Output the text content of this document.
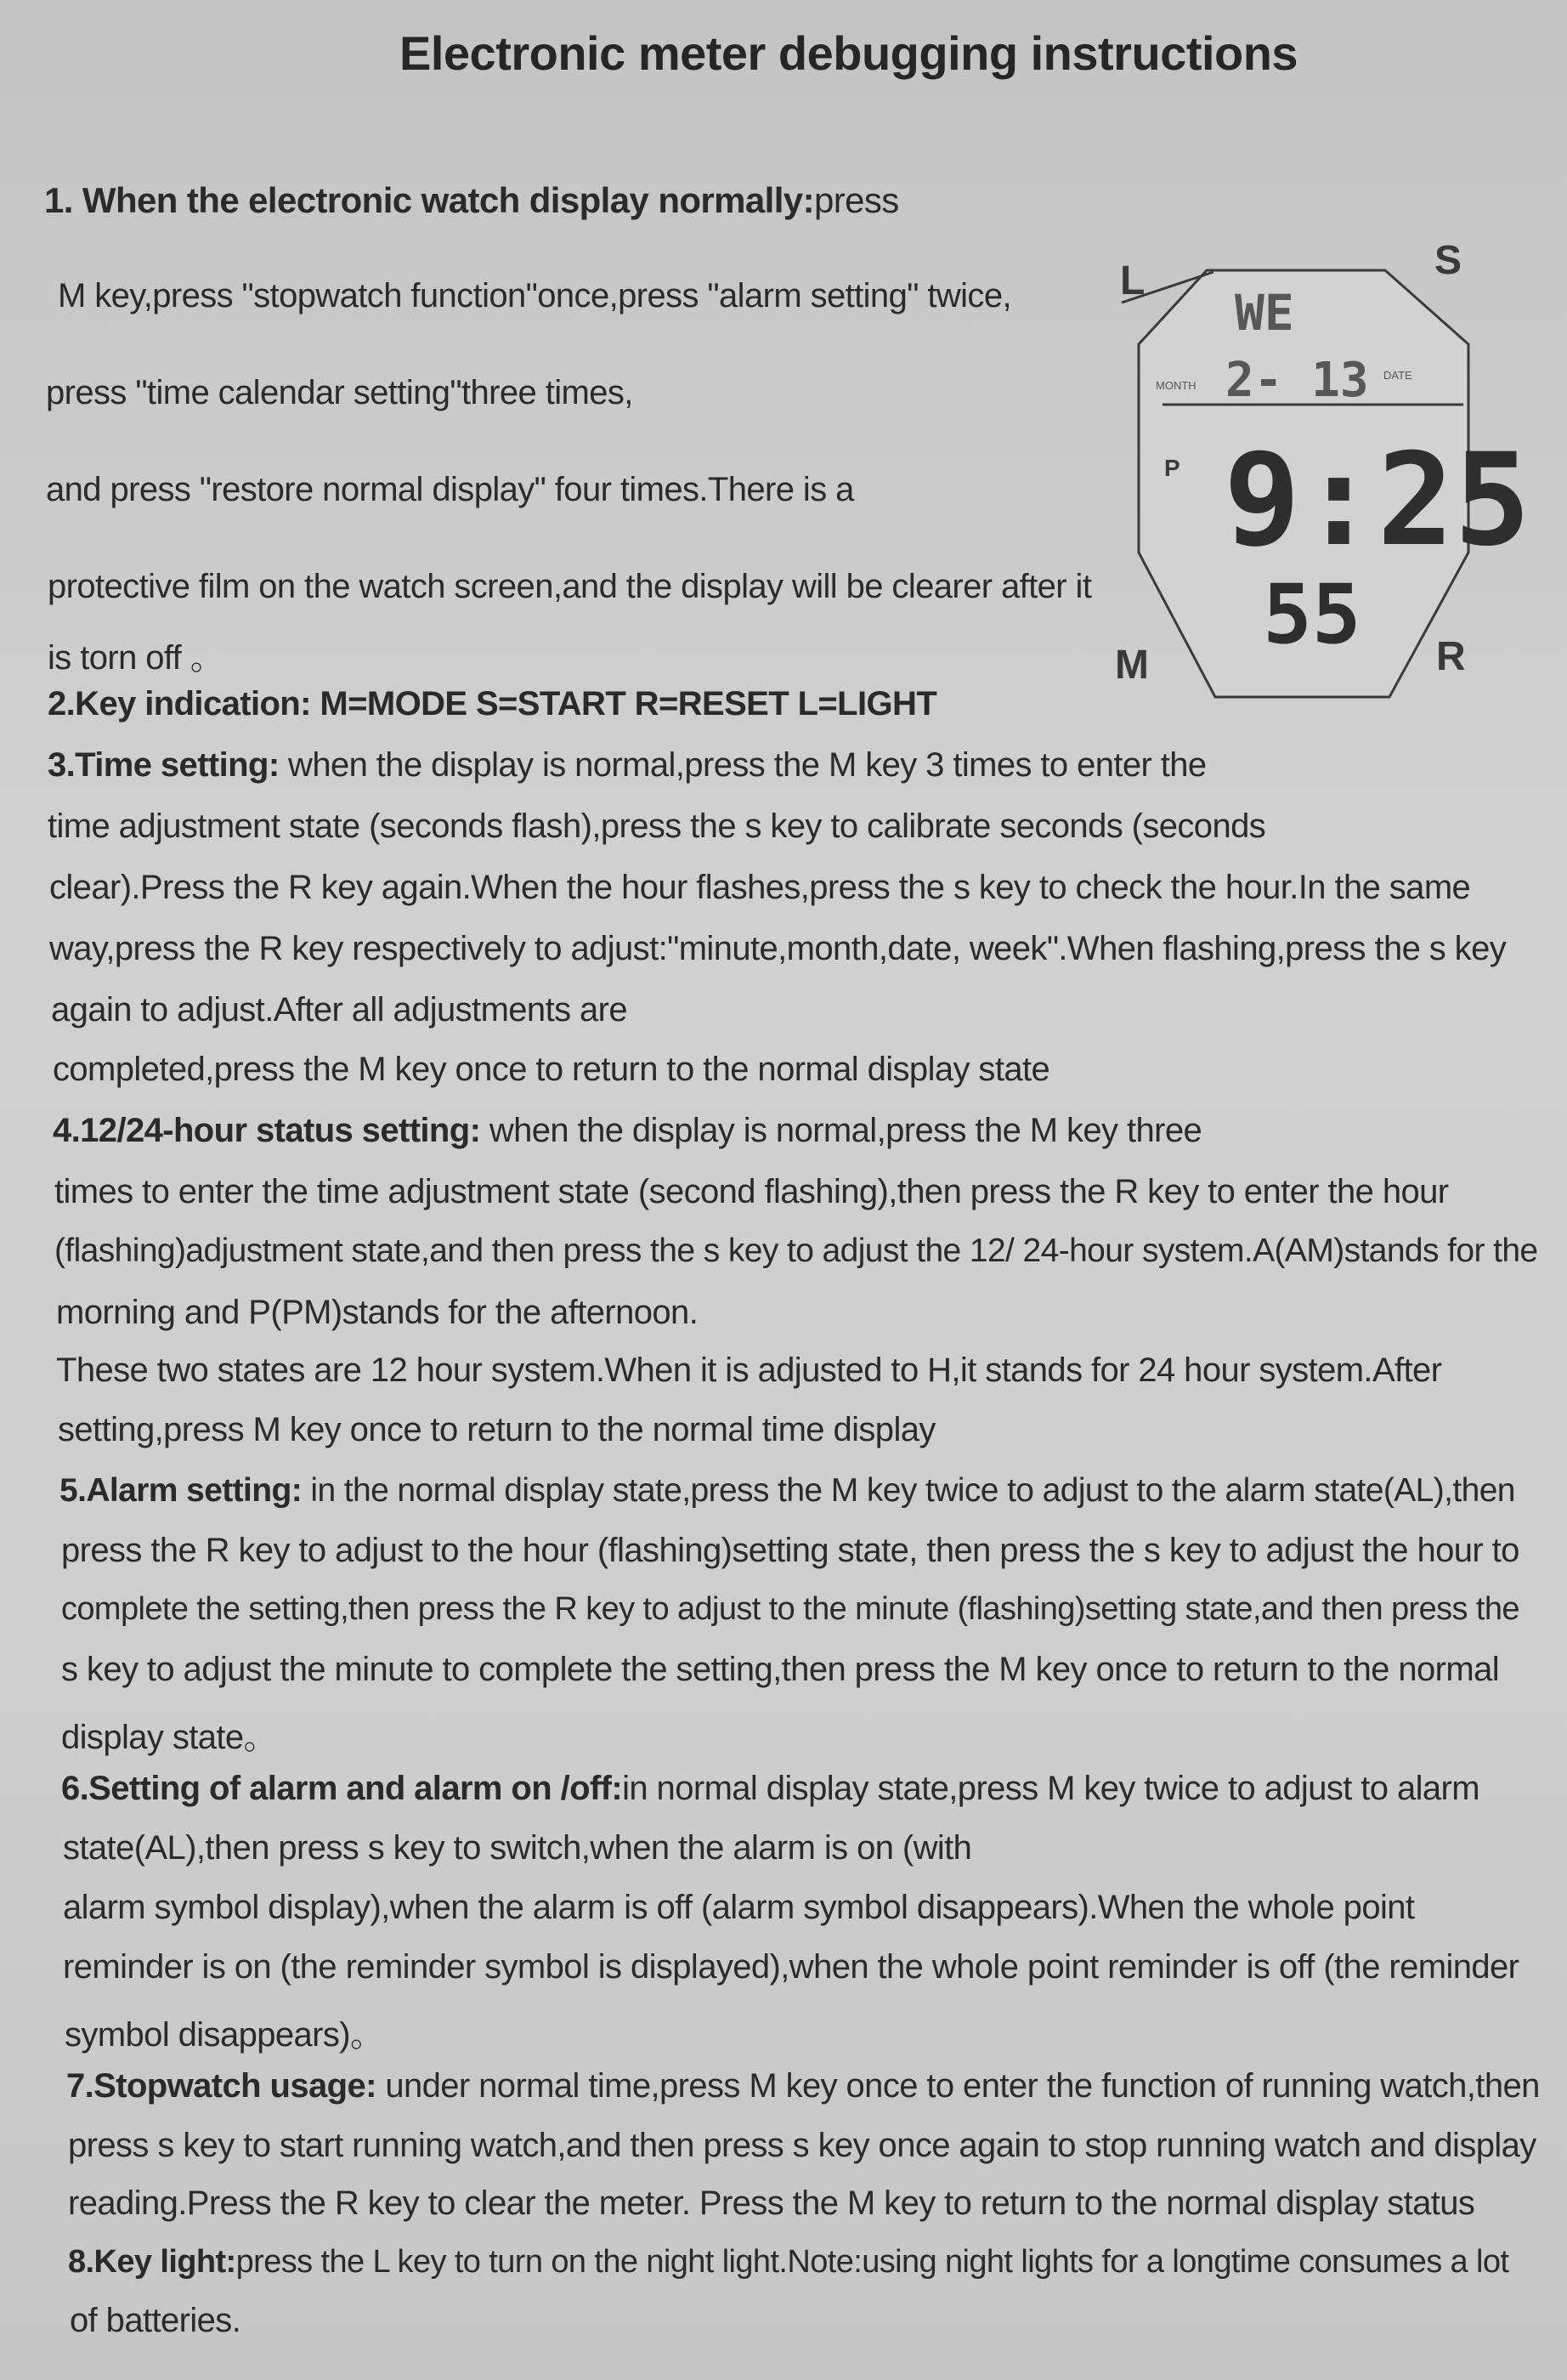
Electronic meter debugging instructions
L	S
M	R
WE
MONTH 2- 13 DATE
P 9:25
55
1. When the electronic watch display normally:press
M key,press "stopwatch function"once,press "alarm setting" twice,
press "time calendar setting"three times,
and press "restore normal display" four times.There is a
protective film on the watch screen,and the display will be clearer after it
is torn off 。
2.Key indication: M=MODE S=START R=RESET L=LIGHT
3.Time setting: when the display is normal,press the M key 3 times to enter the
time adjustment state (seconds flash),press the s key to calibrate seconds (seconds
clear).Press the R key again.When the hour flashes,press the s key to check the hour.In the same
way,press the R key respectively to adjust:"minute,month,date, week".When flashing,press the s key
again to adjust.After all adjustments are
completed,press the M key once to return to the normal display state
4.12/24-hour status setting: when the display is normal,press the M key three
times to enter the time adjustment state (second flashing),then press the R key to enter the hour
(flashing)adjustment state,and then press the s key to adjust the 12/ 24-hour system.A(AM)stands for the
morning and P(PM)stands for the afternoon.
These two states are 12 hour system.When it is adjusted to H,it stands for 24 hour system.After
setting,press M key once to return to the normal time display
5.Alarm setting: in the normal display state,press the M key twice to adjust to the alarm state(AL),then
press the R key to adjust to the hour (flashing)setting state, then press the s key to adjust the hour to
complete the setting,then press the R key to adjust to the minute (flashing)setting state,and then press the
s key to adjust the minute to complete the setting,then press the M key once to return to the normal
display state。
6.Setting of alarm and alarm on /off:in normal display state,press M key twice to adjust to alarm
state(AL),then press s key to switch,when the alarm is on (with
alarm symbol display),when the alarm is off (alarm symbol disappears).When the whole point
reminder is on (the reminder symbol is displayed),when the whole point reminder is off (the reminder
symbol disappears)。
7.Stopwatch usage: under normal time,press M key once to enter the function of running watch,then
press s key to start running watch,and then press s key once again to stop running watch and display
reading.Press the R key to clear the meter. Press the M key to return to the normal display status
8.Key light:press the L key to turn on the night light.Note:using night lights for a longtime consumes a lot
of batteries.
